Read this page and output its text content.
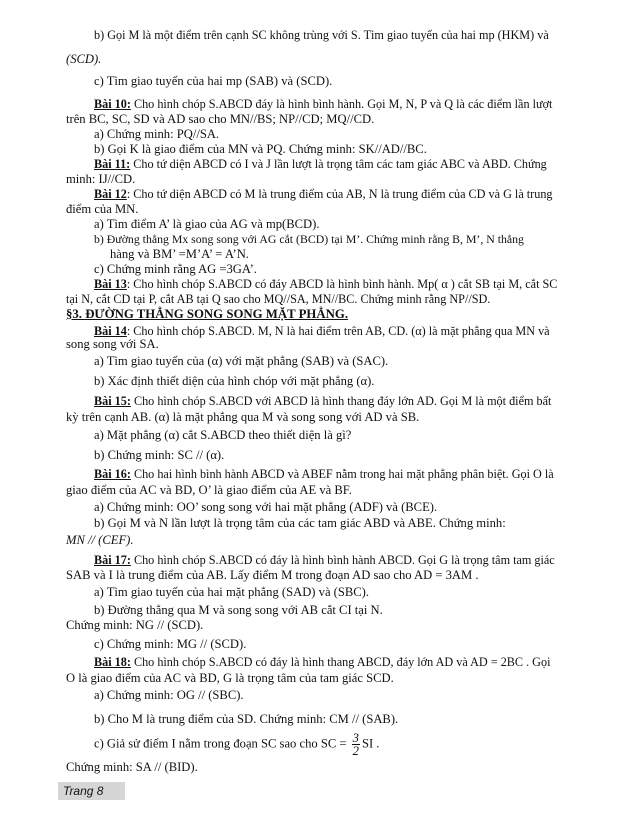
b) Gọi M là một điểm trên cạnh SC không trùng với S. Tìm giao tuyến của hai mp (HKM) và
(SCD).
c) Tìm giao tuyến của hai mp (SAB) và (SCD).
Bài 10: Cho hình chóp S.ABCD đáy là hình bình hành. Gọi M, N, P và Q là các điểm lần lượt
trên BC, SC, SD và AD sao cho MN//BS; NP//CD; MQ//CD.
a) Chứng minh: PQ//SA.
b) Gọi K là giao điểm của MN và PQ. Chứng minh: SK//AD//BC.
Bài 11: Cho tứ diện ABCD có I và J lần lượt là trọng tâm các tam giác ABC và ABD. Chứng
minh: IJ//CD.
Bài 12: Cho tứ diện ABCD có M là trung điểm của AB, N là trung điểm của CD và G là trung
điểm của MN.
a) Tìm điểm A’ là giao của AG và mp(BCD).
b) Đường thẳng Mx song song với AG cắt (BCD) tại M’. Chứng minh rằng B, M’, N thẳng
hàng và BM’ =M’A’ = A’N.
c) Chứng minh rằng AG =3GA’.
Bài 13: Cho hình chóp S.ABCD có đáy ABCD là hình bình hành. Mp( α ) cắt SB tại M, cắt SC
tại N, cắt CD tại P, cắt AB tại Q sao cho MQ//SA, MN//BC. Chứng minh rằng NP//SD.
§3. ĐƯỜNG THẲNG SONG SONG MẶT PHẲNG.
Bài 14: Cho hình chóp S.ABCD. M, N là hai điểm trên AB, CD. (α) là mặt phẳng qua MN và
song song với SA.
a) Tìm giao tuyến của (α) với mặt phẳng (SAB) và (SAC).
b) Xác định thiết diện của hình chóp với mặt phẳng (α).
Bài 15: Cho hình chóp S.ABCD với ABCD là hình thang đáy lớn AD. Gọi M là một điểm bất
kỳ trên cạnh AB. (α) là mặt phẳng qua M và song song với AD và SB.
a) Mặt phẳng (α) cắt S.ABCD theo thiết diện là gì?
b) Chứng minh: SC // (α).
Bài 16: Cho hai hình bình hành ABCD và ABEF nằm trong hai mặt phẳng phân biệt. Gọi O là
giao điểm của AC và BD, O’ là giao điểm của AE và BF.
a) Chứng minh: OO’ song song với hai mặt phẳng (ADF) và (BCE).
b) Gọi M và N lần lượt là trọng tâm của các tam giác ABD và ABE. Chứng minh:
MN // (CEF).
Bài 17: Cho hình chóp S.ABCD có đáy là hình bình hành ABCD. Gọi G là trọng tâm tam giác
SAB và I là trung điểm của AB. Lấy điểm M trong đoạn AD sao cho AD = 3AM .
a) Tìm giao tuyến của hai mặt phẳng (SAD) và (SBC).
b) Đường thẳng qua M và song song với AB cắt CI tại N.
Chứng minh: NG // (SCD).
c) Chứng minh: MG // (SCD).
Bài 18: Cho hình chóp S.ABCD có đáy là hình thang ABCD, đáy lớn AD và AD = 2BC . Gọi
O là giao điểm của AC và BD, G là trọng tâm của tam giác SCD.
a) Chứng minh: OG // (SBC).
Trang 8
b) Cho M là trung điểm của SD. Chứng minh: CM // (SAB).
c) Giả sử điểm I nằm trong đoạn SC sao cho SC = $\frac{3}{2}$ SI .
Chứng minh: SA // (BID).
